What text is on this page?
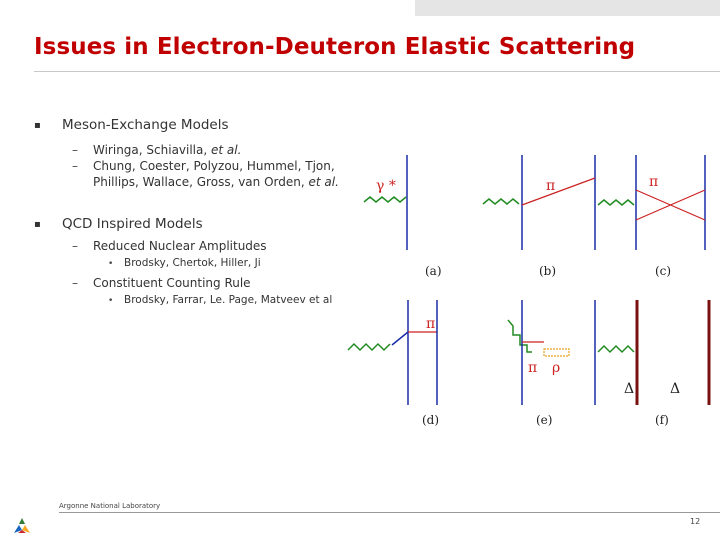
Issues in Electron-Deuteron Elastic Scattering
▪ Meson-Exchange Models
– Wiringa, Schiavilla, et al.
– Chung, Coester, Polyzou, Hummel, Tjon,
Phillips, Wallace, Gross, van Orden, et al.
▪ QCD Inspired Models
– Reduced Nuclear Amplitudes
• Brodsky, Chertok, Hiller, Ji
– Constituent Counting Rule
• Brodsky, Farrar, Le. Page, Matveev et al
γ *	π	π
(a)	(b)	(c)
π
π ρ
Δ	Δ
(d)	(e)	(f)
Argonne National Laboratory
12
